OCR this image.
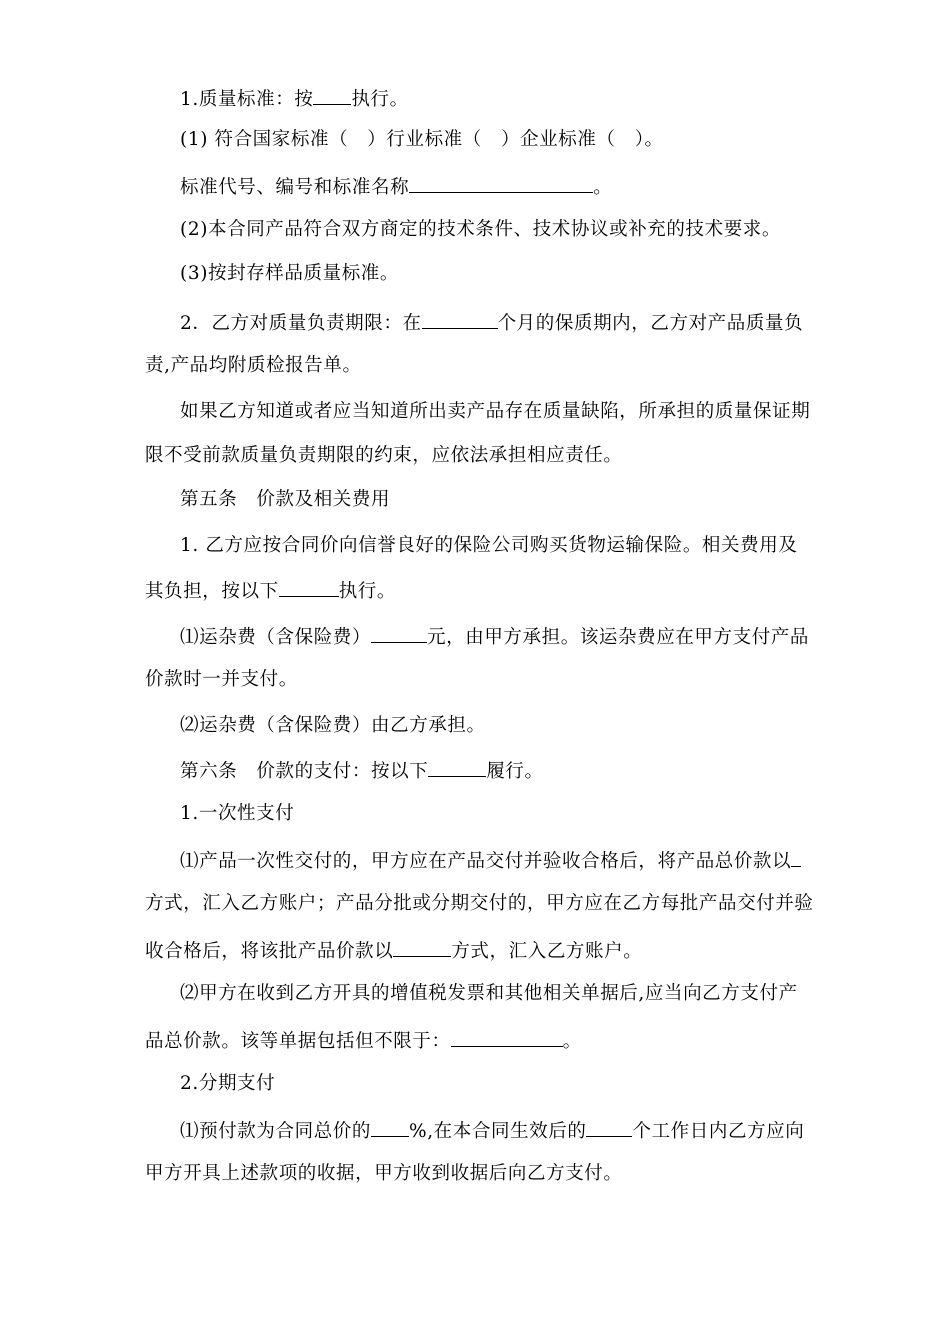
1.质量标准：按 执行。
(1) 符合国家标准（　）行业标准（　）企业标准（　）。
标准代号、编号和标准名称	。
(2)本合同产品符合双方商定的技术条件、技术协议或补充的技术要求。
(3)按封存样品质量标准。
2．乙方对质量负责期限：在	个月的保质期内，乙方对产品质量负
责,产品均附质检报告单。
如果乙方知道或者应当知道所出卖产品存在质量缺陷，所承担的质量保证期
限不受前款质量负责期限的约束，应依法承担相应责任。
第五条　价款及相关费用
1. 乙方应按合同价向信誉良好的保险公司购买货物运输保险。相关费用及
其负担，按以下	执行。
⑴运杂费（含保险费）	元，由甲方承担。该运杂费应在甲方支付产品
价款时一并支付。
⑵运杂费（含保险费）由乙方承担。
第六条　价款的支付：按以下	履行。
1.一次性支付
⑴产品一次性交付的，甲方应在产品交付并验收合格后，将产品总价款以
方式，汇入乙方账户；产品分批或分期交付的，甲方应在乙方每批产品交付并验
收合格后，将该批产品价款以	方式，汇入乙方账户。
⑵甲方在收到乙方开具的增值税发票和其他相关单据后,应当向乙方支付产
品总价款。该等单据包括但不限于：	。
2.分期支付
⑴预付款为合同总价的 %,在本合同生效后的 个工作日内乙方应向
甲方开具上述款项的收据，甲方收到收据后向乙方支付。
